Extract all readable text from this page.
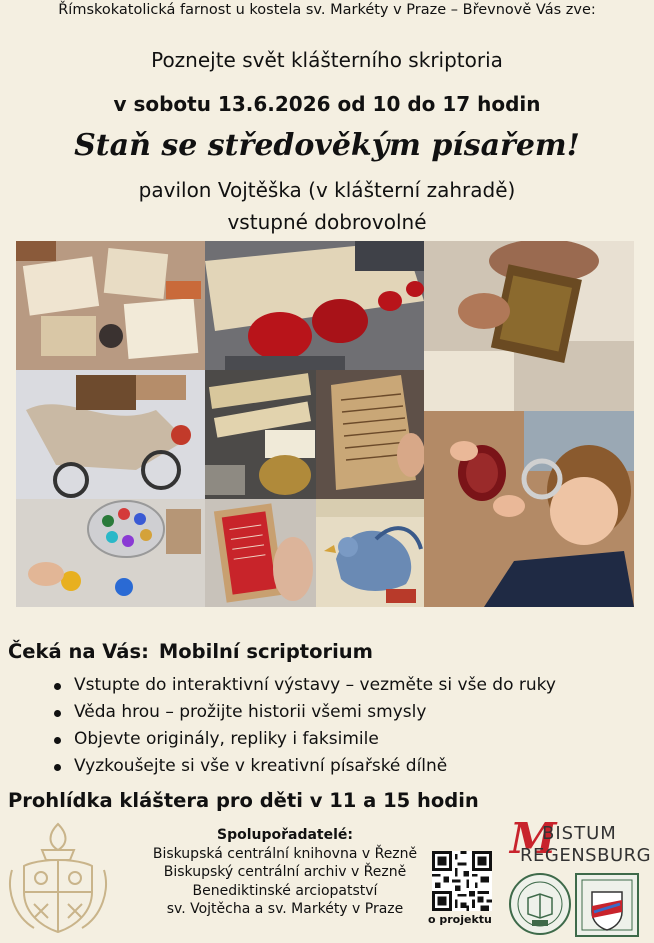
Římskokatolická farnost u kostela sv. Markéty v Praze – Břevnově Vás zve:
Poznejte svět klášterního skriptoria
v sobotu 13.6.2026 od 10 do 17 hodin
Staň se středověkým písařem!
pavilon Vojtěška (v klášterní zahradě)
vstupné dobrovolné
Čeká na Vás: Mobilní scriptorium
Vstupte do interaktivní výstavy – vezměte si vše do ruky
Věda hrou – prožijte historii všemi smysly
Objevte originály, repliky i faksimile
Vyzkoušejte si vše v kreativní písařské dílně
Prohlídka kláštera pro děti v 11 a 15 hodin
Spolupořadatelé:
Biskupská centrální knihovna v Řezně
Biskupský centrální archiv v Řezně
Benediktinské arciopatství
sv. Vojtěcha a sv. Markéty v Praze
o projektu
M
BISTUM
REGENSBURG
